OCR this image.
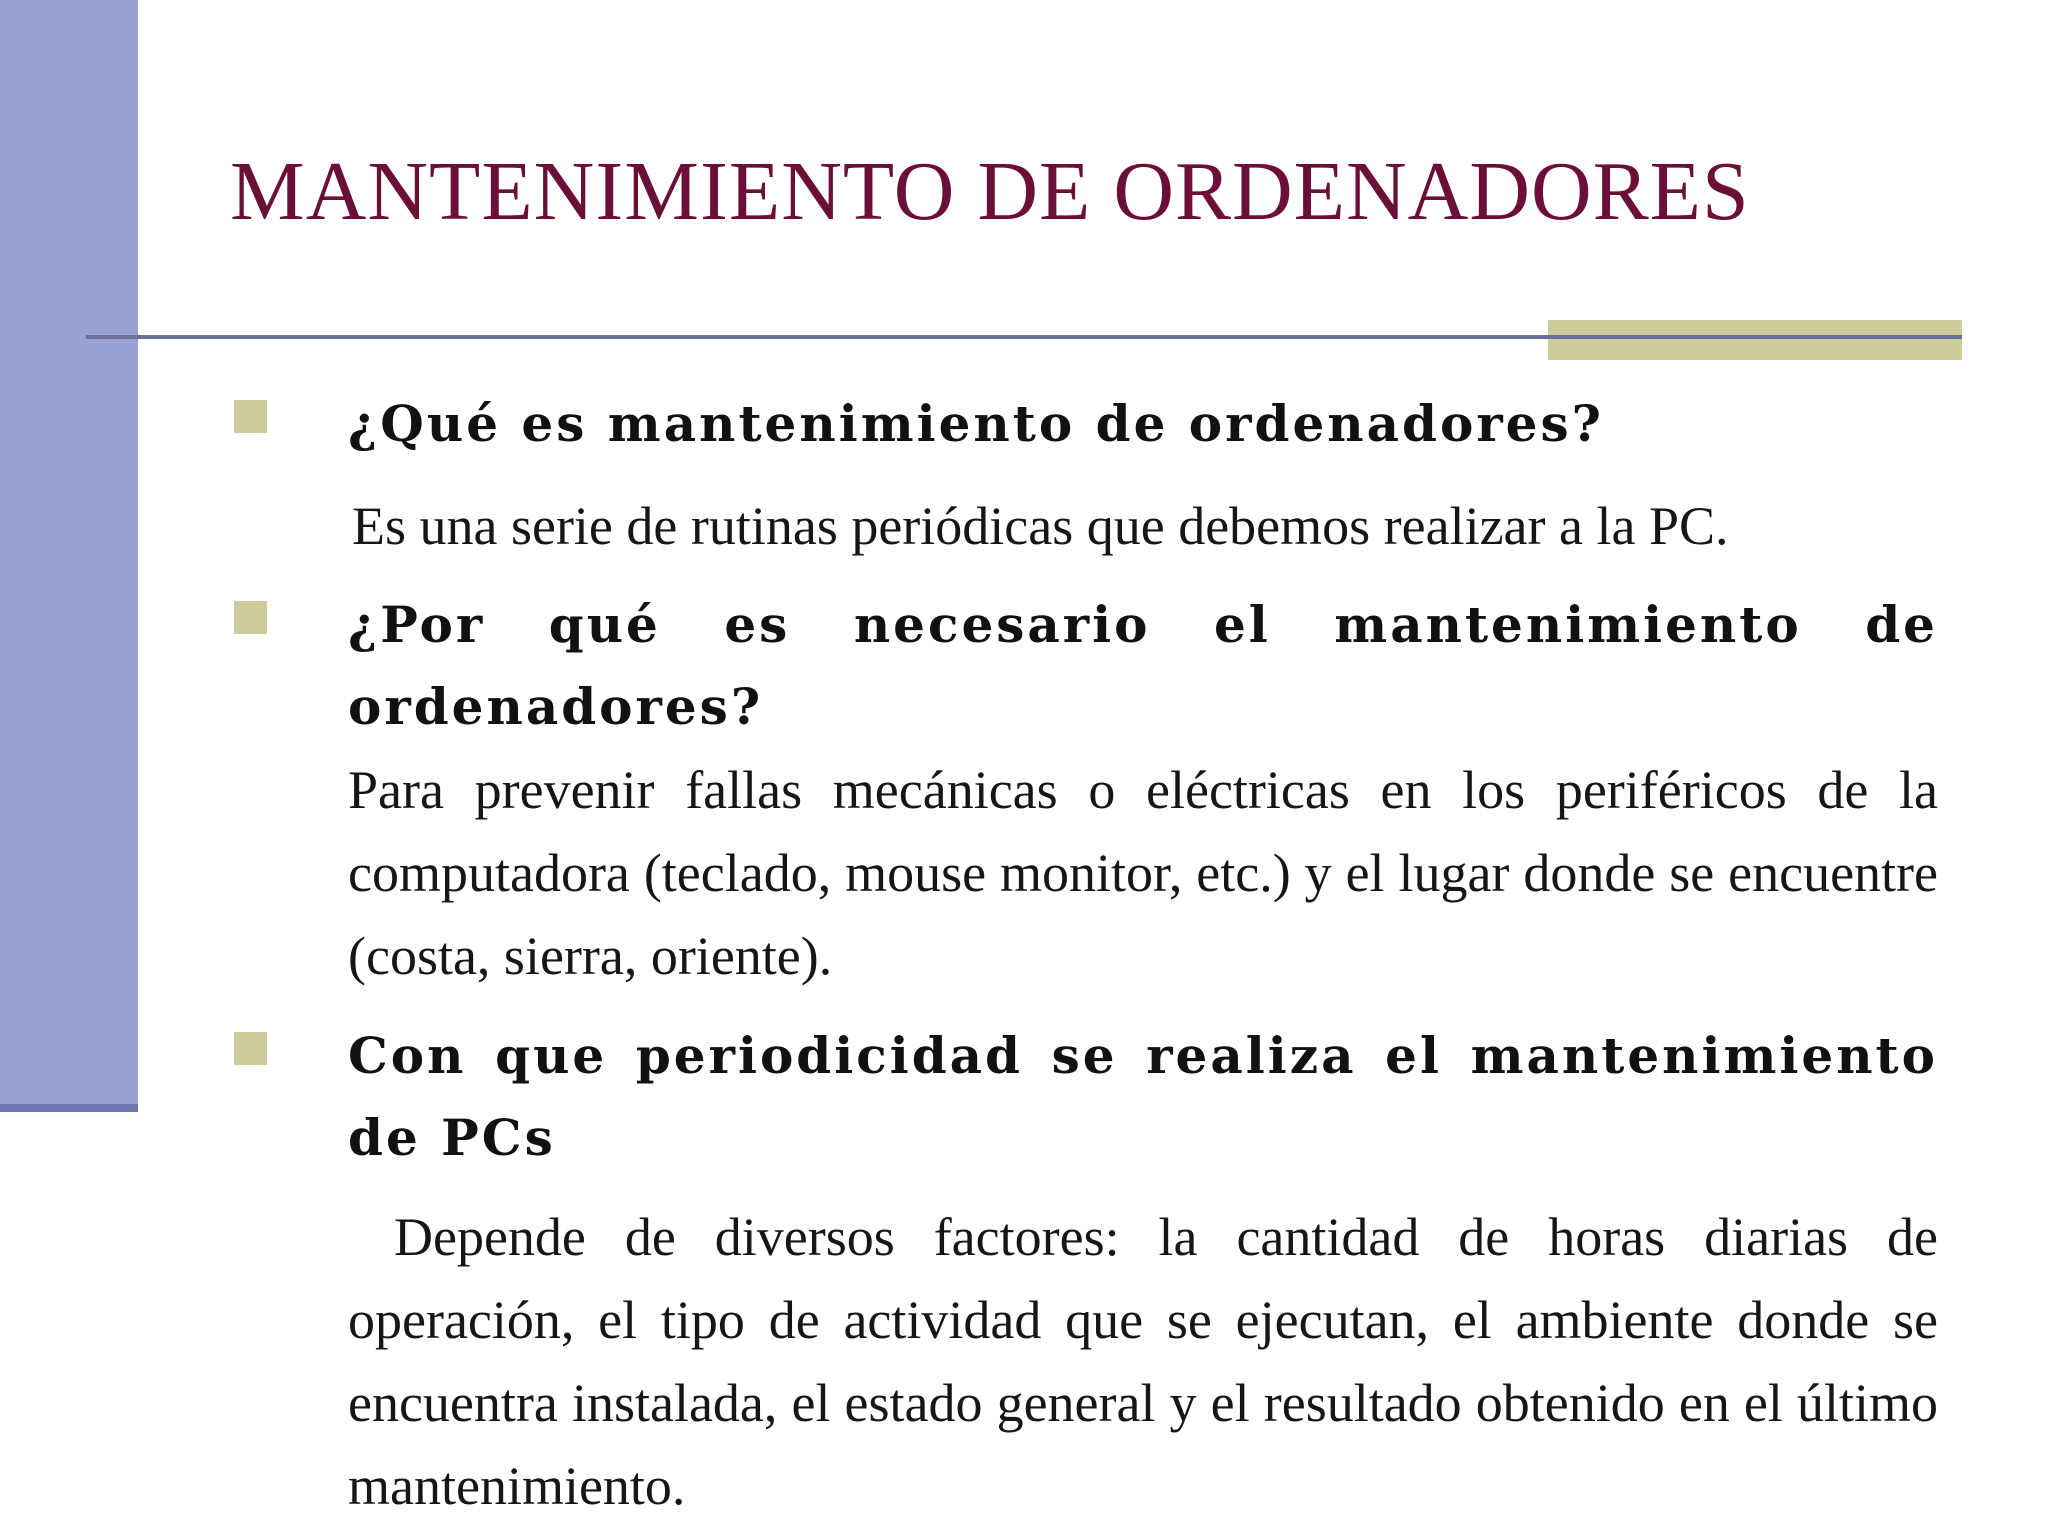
MANTENIMIENTO DE ORDENADORES

¿Qué es mantenimiento de ordenadores?

Es una serie de rutinas periódicas que debemos realizar a la PC.

¿Por qué es necesario el mantenimiento de ordenadores?

Para prevenir fallas mecánicas o eléctricas en los periféricos de la computadora (teclado, mouse monitor, etc.) y el lugar donde se encuentre (costa, sierra, oriente).

Con que periodicidad se realiza el mantenimiento de PCs

Depende de diversos factores: la cantidad de horas diarias de operación, el tipo de actividad que se ejecutan, el ambiente donde se encuentra instalada, el estado general y el resultado obtenido en el último mantenimiento.
